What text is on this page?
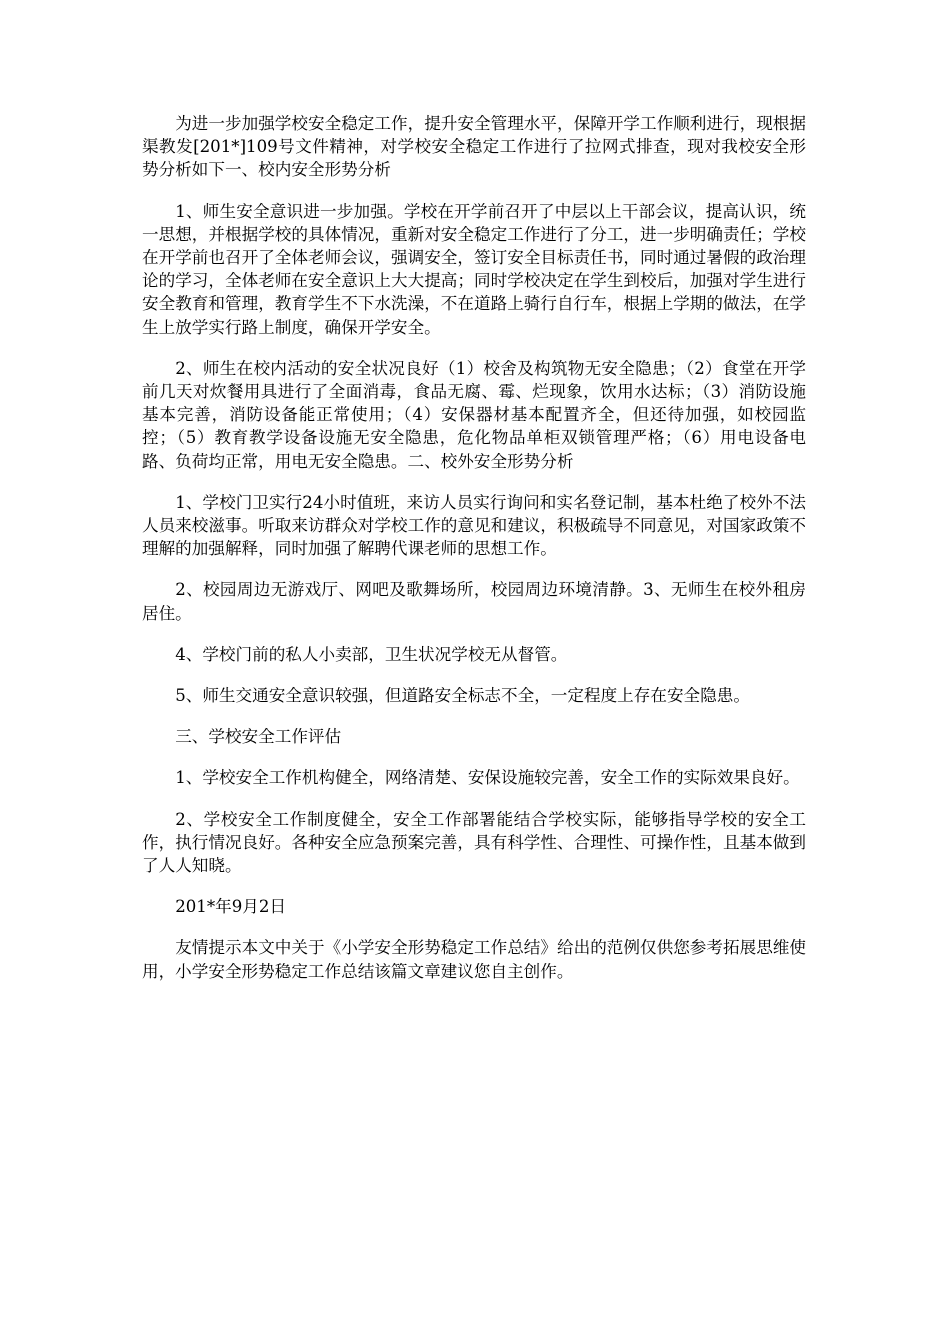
为进一步加强学校安全稳定工作，提升安全管理水平，保障开学工作顺利进行，现根据渠教发[201*]109号文件精神，对学校安全稳定工作进行了拉网式排查，现对我校安全形势分析如下一、校内安全形势分析

1、师生安全意识进一步加强。学校在开学前召开了中层以上干部会议，提高认识，统一思想，并根据学校的具体情况，重新对安全稳定工作进行了分工，进一步明确责任；学校在开学前也召开了全体老师会议，强调安全，签订安全目标责任书，同时通过暑假的政治理论的学习，全体老师在安全意识上大大提高；同时学校决定在学生到校后，加强对学生进行安全教育和管理，教育学生不下水洗澡，不在道路上骑行自行车，根据上学期的做法，在学生上放学实行路上制度，确保开学安全。

2、师生在校内活动的安全状况良好（1）校舍及构筑物无安全隐患；（2）食堂在开学前几天对炊餐用具进行了全面消毒，食品无腐、霉、烂现象，饮用水达标；（3）消防设施基本完善，消防设备能正常使用；（4）安保器材基本配置齐全，但还待加强，如校园监控；（5）教育教学设备设施无安全隐患，危化物品单柜双锁管理严格；（6）用电设备电路、负荷均正常，用电无安全隐患。二、校外安全形势分析

1、学校门卫实行24小时值班，来访人员实行询问和实名登记制，基本杜绝了校外不法人员来校滋事。听取来访群众对学校工作的意见和建议，积极疏导不同意见，对国家政策不理解的加强解释，同时加强了解聘代课老师的思想工作。

2、校园周边无游戏厅、网吧及歌舞场所，校园周边环境清静。3、无师生在校外租房居住。

4、学校门前的私人小卖部，卫生状况学校无从督管。

5、师生交通安全意识较强，但道路安全标志不全，一定程度上存在安全隐患。

三、学校安全工作评估

1、学校安全工作机构健全，网络清楚、安保设施较完善，安全工作的实际效果良好。

2、学校安全工作制度健全，安全工作部署能结合学校实际，能够指导学校的安全工作，执行情况良好。各种安全应急预案完善，具有科学性、合理性、可操作性，且基本做到了人人知晓。

201*年9月2日

友情提示本文中关于《小学安全形势稳定工作总结》给出的范例仅供您参考拓展思维使用，小学安全形势稳定工作总结该篇文章建议您自主创作。
